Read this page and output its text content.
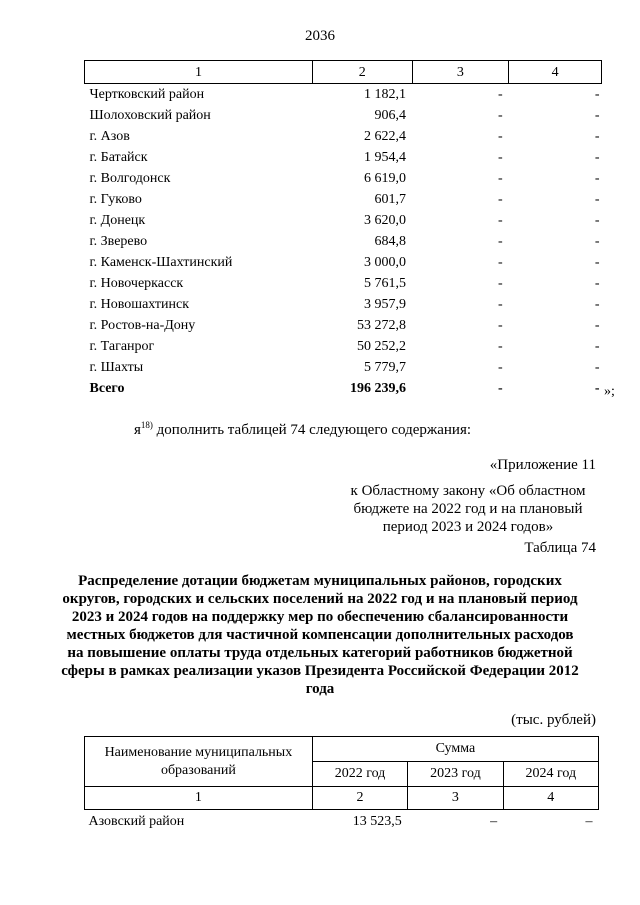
2036
1	2	3	4
Чертковский район	1 182,1	-	-
Шолоховский район	906,4	-	-
г. Азов	2 622,4	-	-
г. Батайск	1 954,4	-	-
г. Волгодонск	6 619,0	-	-
г. Гуково	601,7	-	-
г. Донецк	3 620,0	-	-
г. Зверево	684,8	-	-
г. Каменск-Шахтинский	3 000,0	-	-
г. Новочеркасск	5 761,5	-	-
г. Новошахтинск	3 957,9	-	-
г. Ростов-на-Дону	53 272,8	-	-
г. Таганрог	50 252,2	-	-
г. Шахты	5 779,7	-	-
Всего	196 239,6	-	- »;
$я^{18)}$ дополнить таблицей 74 следующего содержания:
«Приложение 11
к Областному закону «Об областном бюджете на 2022 год и на плановый период 2023 и 2024 годов»
Таблица 74
Распределение дотации бюджетам муниципальных районов, городских округов, городских и сельских поселений на 2022 год и на плановый период 2023 и 2024 годов на поддержку мер по обеспечению сбалансированности местных бюджетов для частичной компенсации дополнительных расходов на повышение оплаты труда отдельных категорий работников бюджетной сферы в рамках реализации указов Президента Российской Федерации 2012 года
(тыс. рублей)
Наименование муниципальных образований	Сумма		
	2022 год	2023 год	2024 год
1	2	3	4
Азовский район	13 523,5	–	–
